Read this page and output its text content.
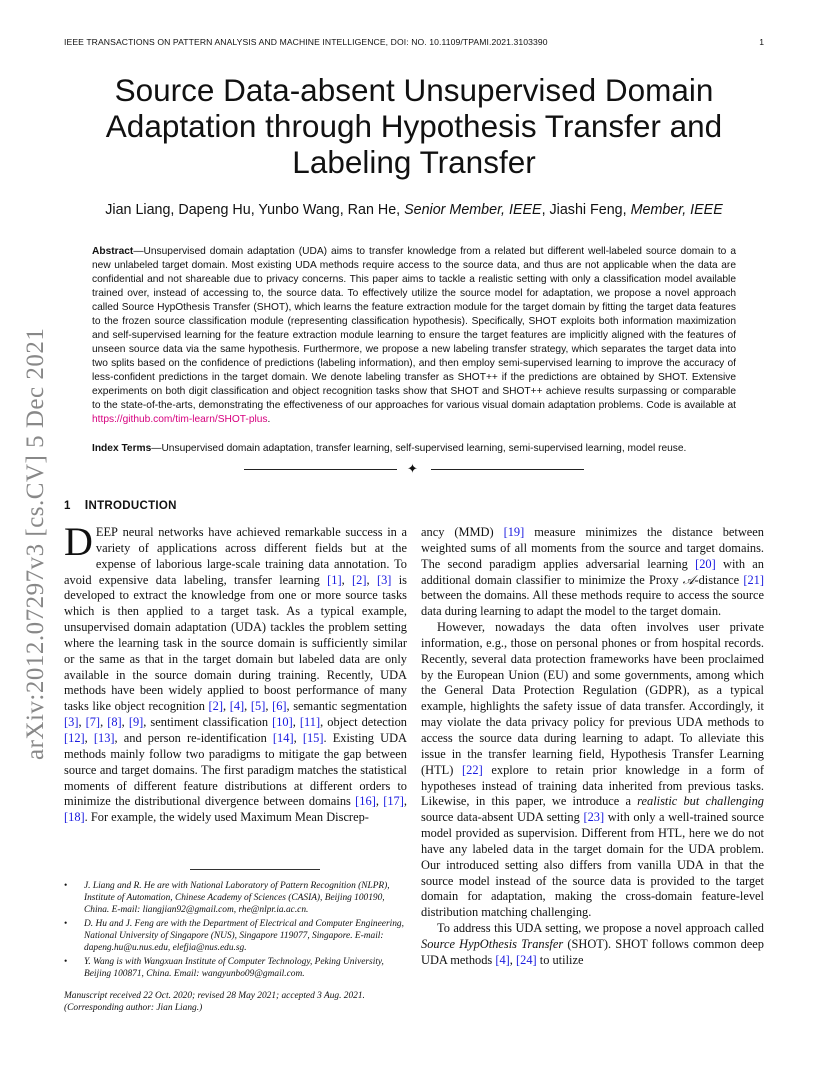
IEEE TRANSACTIONS ON PATTERN ANALYSIS AND MACHINE INTELLIGENCE, DOI: NO. 10.1109/TPAMI.2021.3103390	1
Source Data-absent Unsupervised Domain
Adaptation through Hypothesis Transfer and
Labeling Transfer
Jian Liang, Dapeng Hu, Yunbo Wang, Ran He, Senior Member, IEEE, Jiashi Feng, Member, IEEE

Abstract—Unsupervised domain adaptation (UDA) aims to transfer knowledge from a related but different well-labeled source domain to a new unlabeled target domain. Most existing UDA methods require access to the source data, and thus are not applicable when the data are confidential and not shareable due to privacy concerns. This paper aims to tackle a realistic setting with only a classification model available trained over, instead of accessing to, the source data. To effectively utilize the source model for adaptation, we propose a novel approach called Source HypOthesis Transfer (SHOT), which learns the feature extraction module for the target domain by fitting the target data features to the frozen source classification module (representing classification hypothesis). Specifically, SHOT exploits both information maximization and self-supervised learning for the feature extraction module learning to ensure the target features are implicitly aligned with the features of unseen source data via the same hypothesis. Furthermore, we propose a new labeling transfer strategy, which separates the target data into two splits based on the confidence of predictions (labeling information), and then employ semi-supervised learning to improve the accuracy of less-confident predictions in the target domain. We denote labeling transfer as SHOT++ if the predictions are obtained by SHOT. Extensive experiments on both digit classification and object recognition tasks show that SHOT and SHOT++ achieve results surpassing or comparable to the state-of-the-arts, demonstrating the effectiveness of our approaches for various visual domain adaptation problems. Code is available at https://github.com/tim-learn/SHOT-plus.

Index Terms—Unsupervised domain adaptation, transfer learning, self-supervised learning, semi-supervised learning, model reuse.

✦
1 INTRODUCTION

DEEP neural networks have achieved remarkable success in a variety of applications across different fields but at the expense of laborious large-scale training data annotation. To avoid expensive data labeling, transfer learning [1], [2], [3] is developed to extract the knowledge from one or more source tasks which is then applied to a target task. As a typical example, unsupervised domain adaptation (UDA) tackles the problem setting where the learning task in the source domain is sufficiently similar or the same as that in the target domain but labeled data are only available in the source domain during training. Recently, UDA methods have been widely applied to boost performance of many tasks like object recognition [2], [4], [5], [6], semantic segmentation [3], [7], [8], [9], sentiment classification [10], [11], object detection [12], [13], and person re-identification [14], [15]. Existing UDA methods mainly follow two paradigms to mitigate the gap between source and target domains. The first paradigm matches the statistical moments of different feature distributions at different orders to minimize the distributional divergence between domains [16], [17], [18]. For example, the widely used Maximum Mean Discrep-

ancy (MMD) [19] measure minimizes the distance between weighted sums of all moments from the source and target domains. The second paradigm applies adversarial learning [20] with an additional domain classifier to minimize the Proxy 𝒜-distance [21] between the domains. All these methods require to access the source data during learning to adapt the model to the target domain.

However, nowadays the data often involves user private information, e.g., those on personal phones or from hospital records. Recently, several data protection frameworks have been proclaimed by the European Union (EU) and some governments, among which the General Data Protection Regulation (GDPR), as a typical example, highlights the safety issue of data transfer. Accordingly, it may violate the data privacy policy for previous UDA methods to access the source data during learning to adapt. To alleviate this issue in the transfer learning field, Hypothesis Transfer Learning (HTL) [22] explore to retain prior knowledge in a form of hypotheses instead of training data inherited from previous tasks. Likewise, in this paper, we introduce a realistic but challenging source data-absent UDA setting [23] with only a well-trained source model provided as supervision. Different from HTL, here we do not have any labeled data in the target domain for the UDA problem. Our introduced setting also differs from vanilla UDA in that the source model instead of the source data is provided to the target domain for adaptation, making the cross-domain feature-level distribution matching challenging.

To address this UDA setting, we propose a novel approach called Source HypOthesis Transfer (SHOT). SHOT follows common deep UDA methods [4], [24] to utilize

• J. Liang and R. He are with National Laboratory of Pattern Recognition (NLPR), Institute of Automation, Chinese Academy of Sciences (CASIA), Beijing 100190, China. E-mail: liangjian92@gmail.com, rhe@nlpr.ia.ac.cn.
• D. Hu and J. Feng are with the Department of Electrical and Computer Engineering, National University of Singapore (NUS), Singapore 119077, Singapore. E-mail: dapeng.hu@u.nus.edu, elefjia@nus.edu.sg.
• Y. Wang is with Wangxuan Institute of Computer Technology, Peking University, Beijing 100871, China. Email: wangyunbo09@gmail.com.
Manuscript received 22 Oct. 2020; revised 28 May 2021; accepted 3 Aug. 2021. (Corresponding author: Jian Liang.)
arXiv:2012.07297v3 [cs.CV] 5 Dec 2021
